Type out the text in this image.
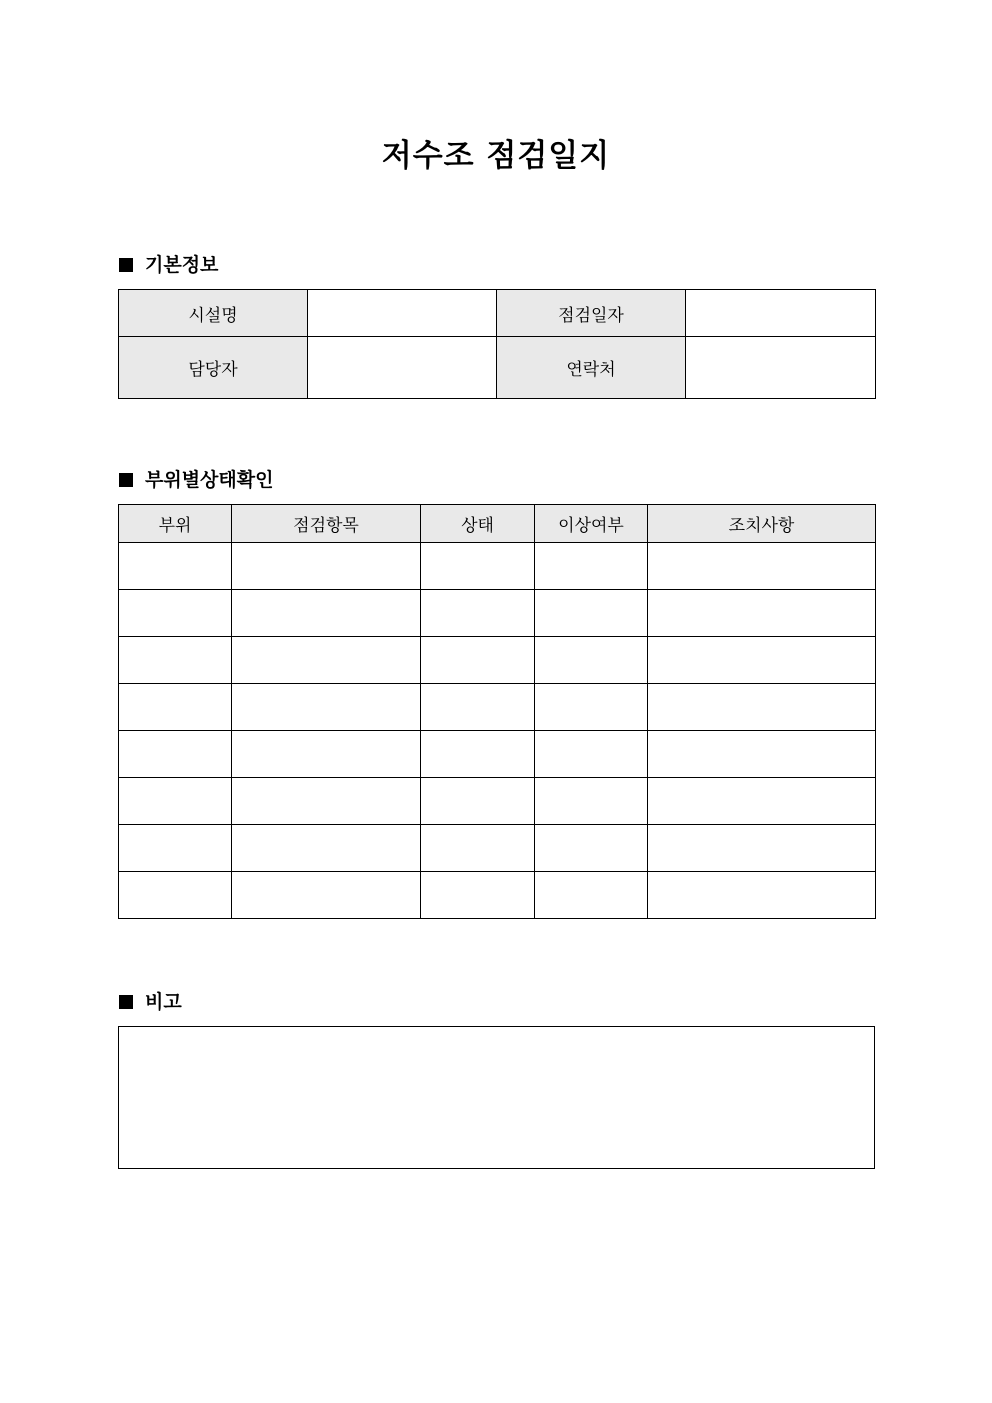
저수조 점검일지
기본정보
시설명		점검일자	
담당자		연락처	
부위별상태확인
부위	점검항목	상태	이상여부	조치사항

비고
